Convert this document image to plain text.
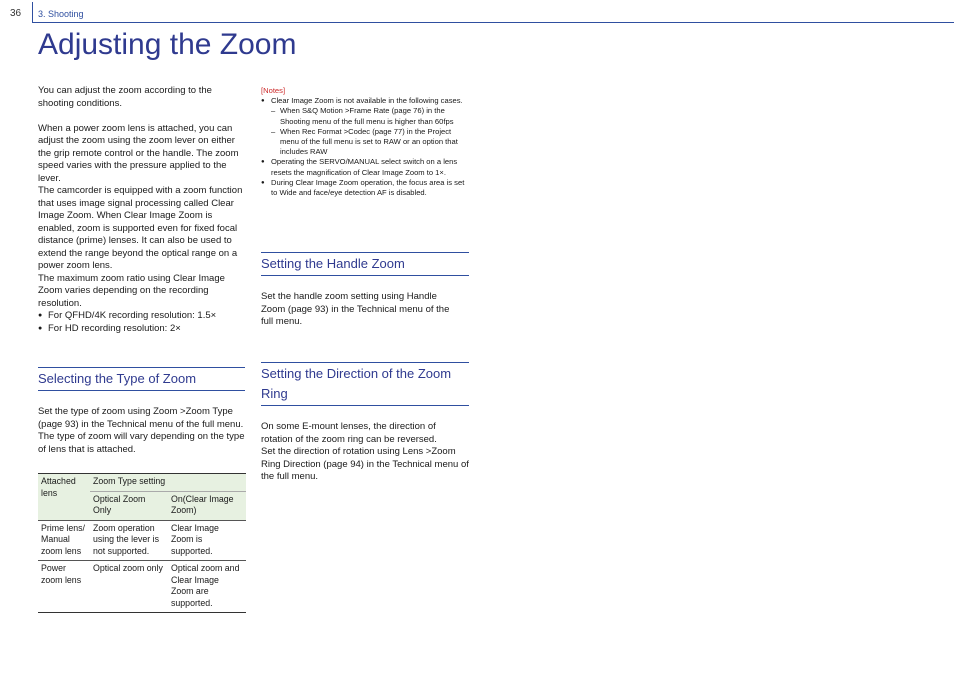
36 3. Shooting
Adjusting the Zoom

You can adjust the zoom according to the shooting conditions.

When a power zoom lens is attached, you can adjust the zoom using the zoom lever on either the grip remote control or the handle. The zoom speed varies with the pressure applied to the lever.

The camcorder is equipped with a zoom function that uses image signal processing called Clear Image Zoom. When Clear Image Zoom is enabled, zoom is supported even for fixed focal distance (prime) lenses. It can also be used to extend the range beyond the optical range on a power zoom lens.

The maximum zoom ratio using Clear Image Zoom varies depending on the recording resolution.

● For QFHD/4K recording resolution: 1.5×
● For HD recording resolution: 2×
Selecting the Type of Zoom

Set the type of zoom using Zoom >Zoom Type (page 93) in the Technical menu of the full menu.

The type of zoom will vary depending on the type of lens that is attached.

Attached lens	Zoom Type setting	
	Optical Zoom Only	On(Clear Image Zoom)
Prime lens/ Manual zoom lens	Zoom operation using the lever is not supported.	Clear Image Zoom is supported.
Power zoom lens	Optical zoom only	Optical zoom and Clear Image Zoom are supported.
[Notes]
● Clear Image Zoom is not available in the following cases.
– When S&Q Motion >Frame Rate (page 76) in the Shooting menu of the full menu is higher than 60fps
– When Rec Format >Codec (page 77) in the Project menu of the full menu is set to RAW or an option that includes RAW
● Operating the SERVO/MANUAL select switch on a lens resets the magnification of Clear Image Zoom to 1×.
● During Clear Image Zoom operation, the focus area is set to Wide and face/eye detection AF is disabled.
Setting the Handle Zoom

Set the handle zoom setting using Handle Zoom (page 93) in the Technical menu of the full menu.

Setting the Direction of the Zoom Ring

On some E-mount lenses, the direction of rotation of the zoom ring can be reversed.

Set the direction of rotation using Lens >Zoom Ring Direction (page 94) in the Technical menu of the full menu.
